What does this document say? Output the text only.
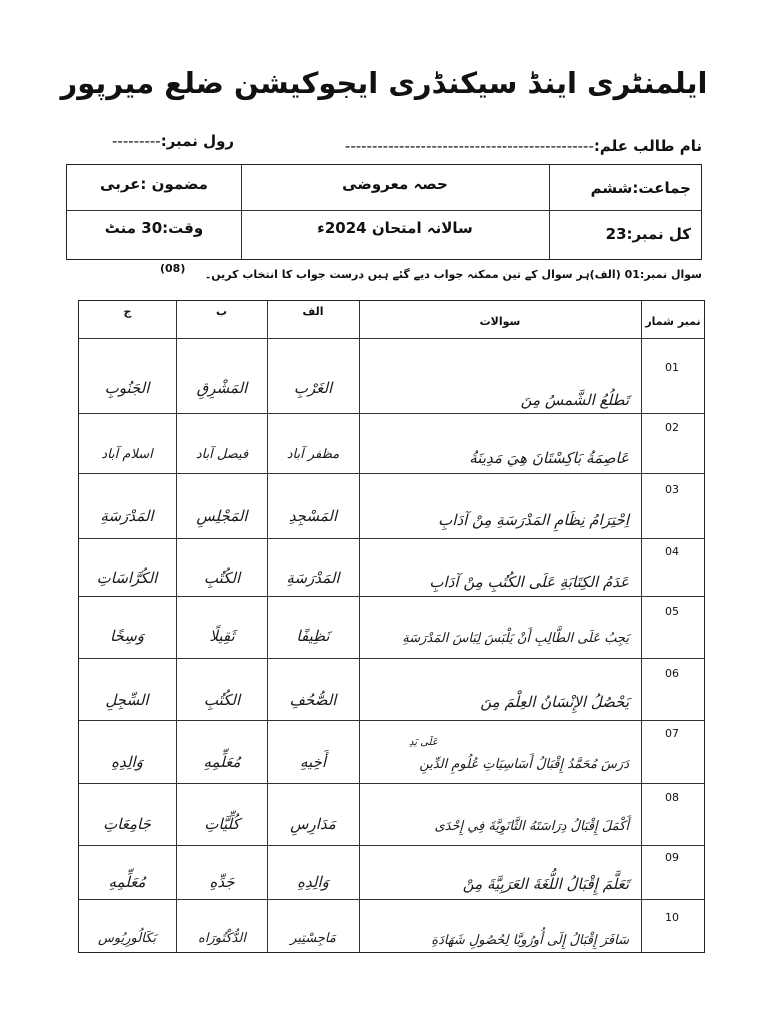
ایلمنٹری اینڈ سیکنڈری ایجوکیشن ضلع میرپور
نام طالب علم:----------------------------------------------
رول نمبر:---------
جماعت:ششم
حصہ معروضی
مضمون :عربی
کل نمبر:23
سالانہ امتحان 2024ء
وقت:30 منٹ
سوال نمبر:01 (الف)ہر سوال کے تین ممکنہ جواب دیے گئے ہیں درست جواب کا انتخاب کریں۔
(08)
نمبر شمار
سوالات
الف
ب
ج
01
تَطلُعُ الشَّمسُ مِنَ
الغَرْبِ
المَشْرِقِ
الجَنُوبِ
02
عَاصِمَةُ بَاكِسْتَانَ هِيَ مَدِينَةُ
مظفر آباد
فیصل آباد
اسلام آباد
03
اِحْتِرَامُ نِظَامِ المَدْرَسَةِ مِنْ آدَابِ
المَسْجِدِ
المَجْلِسِ
المَدْرَسَةِ
04
عَدَمُ الكِتَابَةِ عَلَى الكُتُبِ مِنْ آدَابِ
المَدْرَسَةِ
الكُتُبِ
الكُرَّاسَاتِ
05
يَجِبُ عَلَى الطَّالِبِ أَنْ يَلْبَسَ لِبَاسَ المَدْرَسَةِ
نَظِيفًا
ثَقِيلًا
وَسِخًا
06
يَحْصُلُ الإِنْسَانُ العِلْمَ مِنَ
الصُّحُفِ
الكُتُبِ
السِّجِلِ
07
عَلَى يَدِ
دَرَسَ مُحَمَّدُ إِقْبَالُ أَسَاسِيَاتِ عُلُومِ الدِّينِ
أَخِيهِ
مُعَلِّمِهِ
وَالِدِهِ
08
أَكْمَلَ إِقْبَالُ دِرَاسَتَهُ الثَّانَوِيَّةَ فِي إِحْدَى
مَدَارِسِ
كُلِّيَّاتِ
جَامِعَاتِ
09
تَعَلَّمَ إِقْبَالُ اللُّغَةَ العَرَبِيَّةَ مِنْ
وَالِدِهِ
جَدِّهِ
مُعَلِّمِهِ
10
سَافَرَ إِقْبَالُ إِلَى أُورُوبَّا لِحُصُولِ شَهَادَةِ
مَاجِسْتِير
الدُّكْتُورَاه
بَكَالُورِيُوس
